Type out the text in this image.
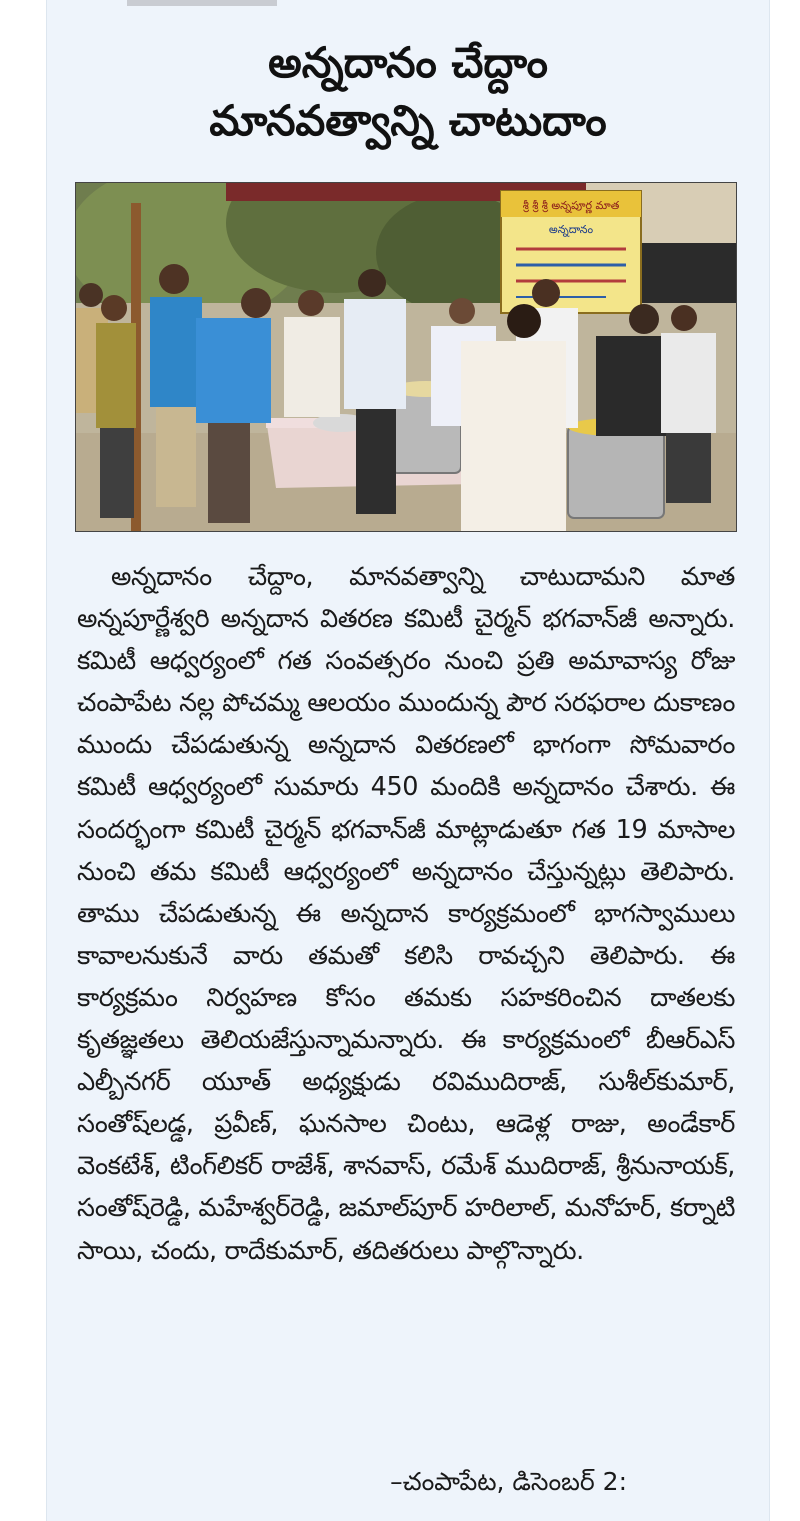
అన్నదానం చేద్దాం
మానవత్వాన్ని చాటుదాం
శ్రీ శ్రీ శ్రీ అన్నపూర్ణ మాత
అన్నదానం

అన్నదానం చేద్దాం, మానవత్వాన్ని చాటుదామని మాత అన్నపూర్ణేశ్వరి అన్నదాన వితరణ కమిటీ చైర్మన్ భగవాన్‌జీ అన్నారు. కమిటీ ఆధ్వర్యంలో గత సంవత్సరం నుంచి ప్రతి అమావాస్య రోజు చంపాపేట నల్ల పోచమ్మ ఆలయం ముందున్న పౌర సరఫరాల దుకాణం ముందు చేపడుతున్న అన్నదాన వితరణలో భాగంగా సోమవారం కమిటీ ఆధ్వర్యంలో సుమారు 450 మందికి అన్నదానం చేశారు. ఈ సందర్భంగా కమిటీ చైర్మన్ భగవాన్‌జీ మాట్లాడుతూ గత 19 మాసాల నుంచి తమ కమిటీ ఆధ్వర్యంలో అన్నదానం చేస్తున్నట్లు తెలిపారు. తాము చేపడుతున్న ఈ అన్నదాన కార్యక్రమంలో భాగస్వాములు కావాలనుకునే వారు తమతో కలిసి రావచ్చని తెలిపారు. ఈ కార్యక్రమం నిర్వహణ కోసం తమకు సహకరించిన దాతలకు కృతజ్ఞతలు తెలియజేస్తున్నామన్నారు. ఈ కార్యక్రమంలో బీఆర్ఎస్ ఎల్బీనగర్ యూత్ అధ్యక్షుడు రవిముదిరాజ్, సుశీల్‌కుమార్, సంతోష్‌లడ్డ, ప్రవీణ్, ఘనసాల చింటు, ఆడెళ్ల రాజు, అండేకార్ వెంకటేశ్, టింగ్‌లికర్ రాజేశ్, శానవాస్, రమేశ్ ముదిరాజ్, శ్రీనునాయక్, సంతోష్‌రెడ్డి, మహేశ్వర్‌రెడ్డి, జమాల్‌పూర్ హరిలాల్, మనోహర్, కర్నాటి సాయి, చందు, రాదేకుమార్, తదితరులు పాల్గొన్నారు.

–చంపాపేట, డిసెంబర్ 2:
